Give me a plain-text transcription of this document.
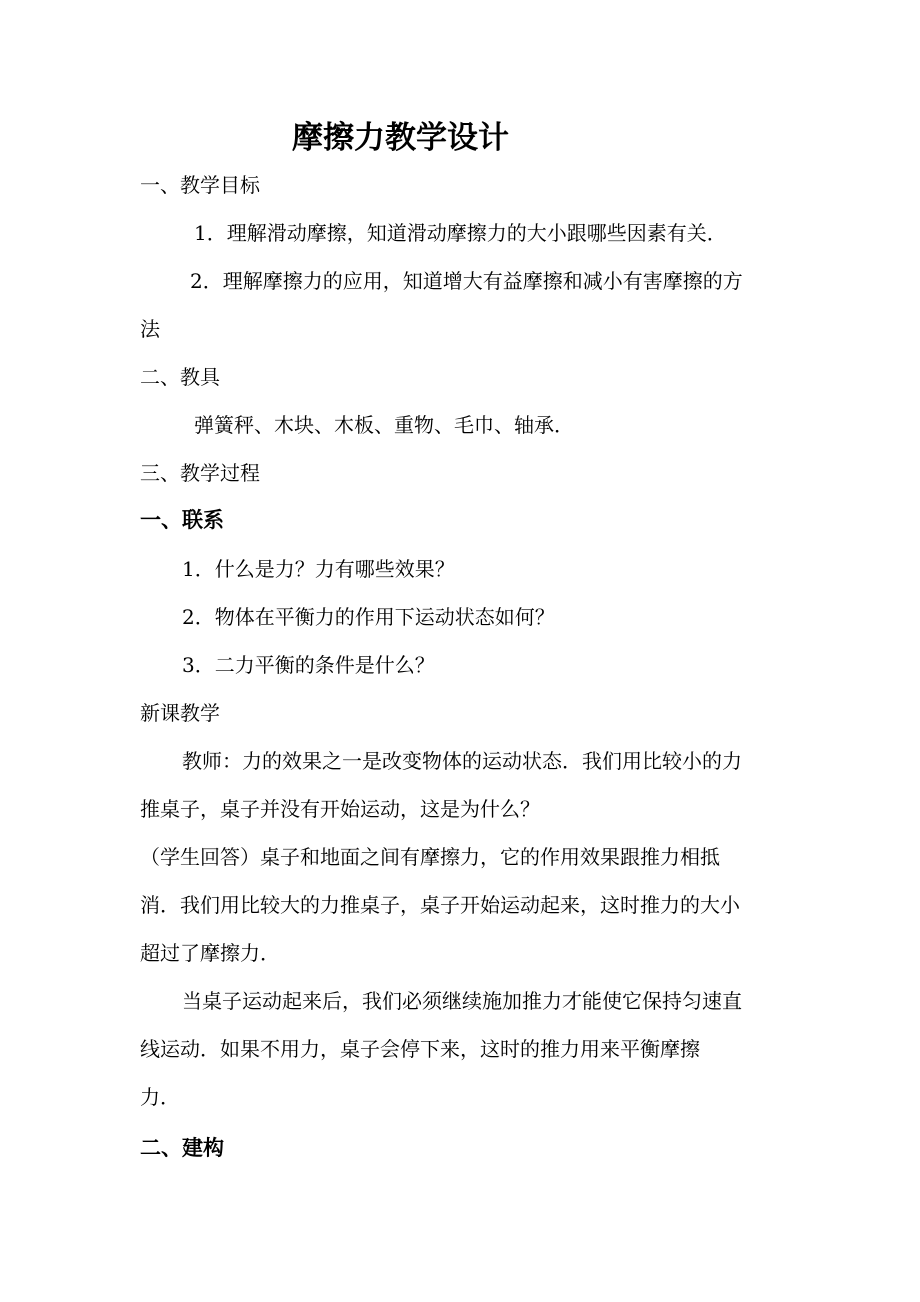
摩擦力教学设计

一、教学目标

1．理解滑动摩擦，知道滑动摩擦力的大小跟哪些因素有关．

2．理解摩擦力的应用，知道增大有益摩擦和减小有害摩擦的方

法

二、教具

弹簧秤、木块、木板、重物、毛巾、轴承．

三、教学过程

一、联系

1．什么是力？力有哪些效果？

2．物体在平衡力的作用下运动状态如何？

3．二力平衡的条件是什么？

新课教学

教师：力的效果之一是改变物体的运动状态．我们用比较小的力

推桌子，桌子并没有开始运动，这是为什么？

（学生回答）桌子和地面之间有摩擦力，它的作用效果跟推力相抵

消．我们用比较大的力推桌子，桌子开始运动起来，这时推力的大小

超过了摩擦力．

当桌子运动起来后，我们必须继续施加推力才能使它保持匀速直

线运动．如果不用力，桌子会停下来，这时的推力用来平衡摩擦

力．

二、建构
